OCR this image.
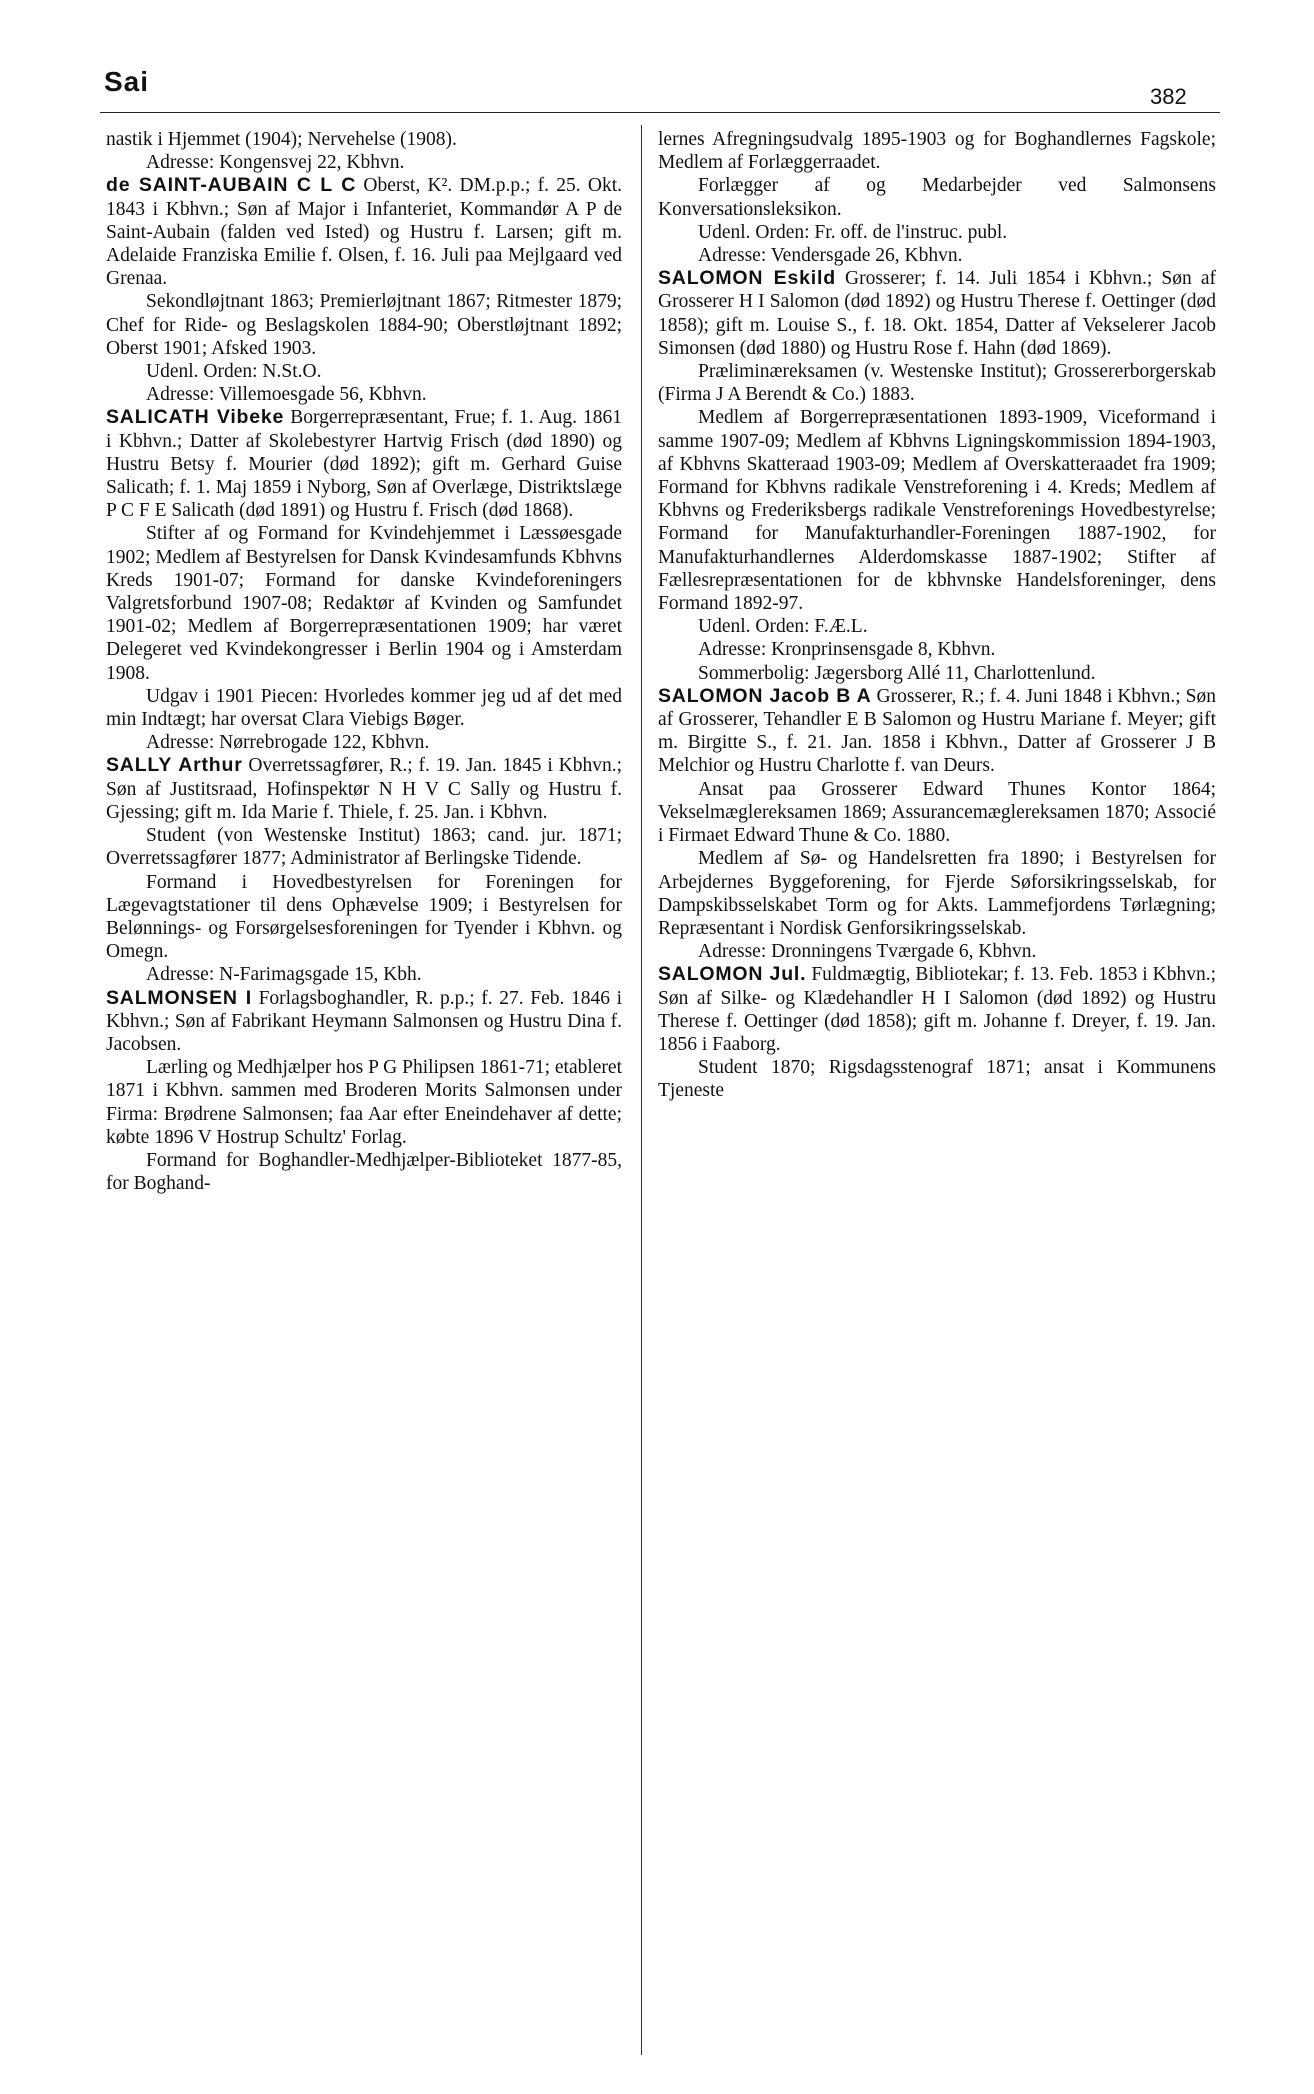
Sai	382

nastik i Hjemmet (1904); Nervehelse (1908).

Adresse: Kongensvej 22, Kbhvn.

de SAINT-AUBAIN C L C Oberst, K². DM.p.p.; f. 25. Okt. 1843 i Kbhvn.; Søn af Major i Infanteriet, Kommandør A P de Saint-Aubain (falden ved Isted) og Hustru f. Larsen; gift m. Adelaide Franziska Emilie f. Olsen, f. 16. Juli paa Mejlgaard ved Grenaa.

Sekondløjtnant 1863; Premierløjtnant 1867; Ritmester 1879; Chef for Ride- og Beslagskolen 1884-90; Oberstløjtnant 1892; Oberst 1901; Afsked 1903.

Udenl. Orden: N.St.O.

Adresse: Villemoesgade 56, Kbhvn.

SALICATH Vibeke Borgerrepræsentant, Frue; f. 1. Aug. 1861 i Kbhvn.; Datter af Skolebestyrer Hartvig Frisch (død 1890) og Hustru Betsy f. Mourier (død 1892); gift m. Gerhard Guise Salicath; f. 1. Maj 1859 i Nyborg, Søn af Overlæge, Distriktslæge P C F E Salicath (død 1891) og Hustru f. Frisch (død 1868).

Stifter af og Formand for Kvindehjemmet i Læssøesgade 1902; Medlem af Bestyrelsen for Dansk Kvindesamfunds Kbhvns Kreds 1901-07; Formand for danske Kvindeforeningers Valgretsforbund 1907-08; Redaktør af Kvinden og Samfundet 1901-02; Medlem af Borgerrepræsentationen 1909; har været Delegeret ved Kvindekongresser i Berlin 1904 og i Amsterdam 1908.

Udgav i 1901 Piecen: Hvorledes kommer jeg ud af det med min Indtægt; har oversat Clara Viebigs Bøger.

Adresse: Nørrebrogade 122, Kbhvn.

SALLY Arthur Overretssagfører, R.; f. 19. Jan. 1845 i Kbhvn.; Søn af Justitsraad, Hofinspektør N H V C Sally og Hustru f. Gjessing; gift m. Ida Marie f. Thiele, f. 25. Jan. i Kbhvn.

Student (von Westenske Institut) 1863; cand. jur. 1871; Overretssagfører 1877; Administrator af Berlingske Tidende.

Formand i Hovedbestyrelsen for Foreningen for Lægevagtstationer til dens Ophævelse 1909; i Bestyrelsen for Belønnings- og Forsørgelsesforeningen for Tyender i Kbhvn. og Omegn.

Adresse: N-Farimagsgade 15, Kbh.

SALMONSEN I Forlagsboghandler, R. p.p.; f. 27. Feb. 1846 i Kbhvn.; Søn af Fabrikant Heymann Salmonsen og Hustru Dina f. Jacobsen.

Lærling og Medhjælper hos P G Philipsen 1861-71; etableret 1871 i Kbhvn. sammen med Broderen Morits Salmonsen under Firma: Brødrene Salmonsen; faa Aar efter Eneindehaver af dette; købte 1896 V Hostrup Schultz' Forlag.

Formand for Boghandler-Medhjælper-Biblioteket 1877-85, for Boghand-

lernes Afregningsudvalg 1895-1903 og for Boghandlernes Fagskole; Medlem af Forlæggerraadet.

Forlægger af og Medarbejder ved Salmonsens Konversationsleksikon.

Udenl. Orden: Fr. off. de l'instruc. publ.

Adresse: Vendersgade 26, Kbhvn.

SALOMON Eskild Grosserer; f. 14. Juli 1854 i Kbhvn.; Søn af Grosserer H I Salomon (død 1892) og Hustru Therese f. Oettinger (død 1858); gift m. Louise S., f. 18. Okt. 1854, Datter af Vekselerer Jacob Simonsen (død 1880) og Hustru Rose f. Hahn (død 1869).

Præliminæreksamen (v. Westenske Institut); Grossererborgerskab (Firma J A Berendt & Co.) 1883.

Medlem af Borgerrepræsentationen 1893-1909, Viceformand i samme 1907-09; Medlem af Kbhvns Ligningskommission 1894-1903, af Kbhvns Skatteraad 1903-09; Medlem af Overskatteraadet fra 1909; Formand for Kbhvns radikale Venstreforening i 4. Kreds; Medlem af Kbhvns og Frederiksbergs radikale Venstreforenings Hovedbestyrelse; Formand for Manufakturhandler-Foreningen 1887-1902, for Manufakturhandlernes Alderdomskasse 1887-1902; Stifter af Fællesrepræsentationen for de kbhvnske Handelsforeninger, dens Formand 1892-97.

Udenl. Orden: F.Æ.L.

Adresse: Kronprinsensgade 8, Kbhvn.

Sommerbolig: Jægersborg Allé 11, Charlottenlund.

SALOMON Jacob B A Grosserer, R.; f. 4. Juni 1848 i Kbhvn.; Søn af Grosserer, Tehandler E B Salomon og Hustru Mariane f. Meyer; gift m. Birgitte S., f. 21. Jan. 1858 i Kbhvn., Datter af Grosserer J B Melchior og Hustru Charlotte f. van Deurs.

Ansat paa Grosserer Edward Thunes Kontor 1864; Vekselmæglereksamen 1869; Assurancemæglereksamen 1870; Associé i Firmaet Edward Thune & Co. 1880.

Medlem af Sø- og Handelsretten fra 1890; i Bestyrelsen for Arbejdernes Byggeforening, for Fjerde Søforsikringsselskab, for Dampskibsselskabet Torm og for Akts. Lammefjordens Tørlægning; Repræsentant i Nordisk Genforsikringsselskab.

Adresse: Dronningens Tværgade 6, Kbhvn.

SALOMON Jul. Fuldmægtig, Bibliotekar; f. 13. Feb. 1853 i Kbhvn.; Søn af Silke- og Klædehandler H I Salomon (død 1892) og Hustru Therese f. Oettinger (død 1858); gift m. Johanne f. Dreyer, f. 19. Jan. 1856 i Faaborg.

Student 1870; Rigsdagsstenograf 1871; ansat i Kommunens Tjeneste
